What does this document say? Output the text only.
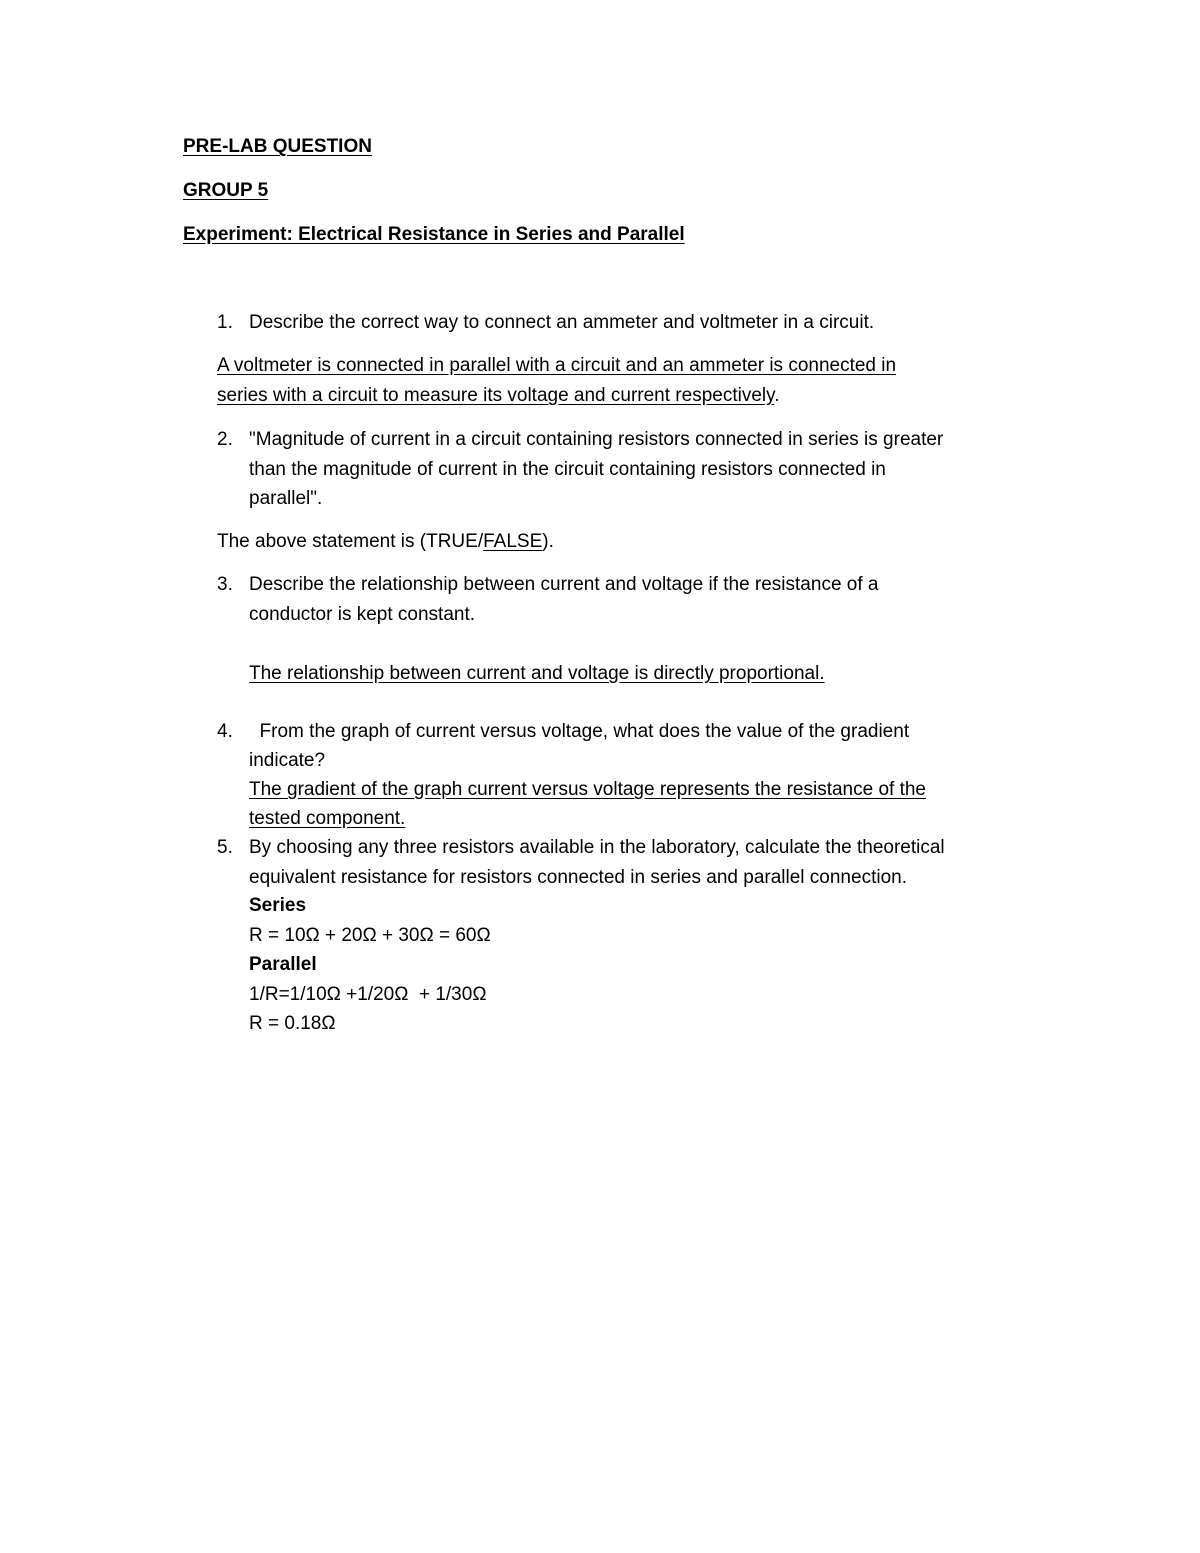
PRE-LAB QUESTION
GROUP 5
Experiment: Electrical Resistance in Series and Parallel
1. Describe the correct way to connect an ammeter and voltmeter in a circuit.
A voltmeter is connected in parallel with a circuit and an ammeter is connected in
series with a circuit to measure its voltage and current respectively.
2. "Magnitude of current in a circuit containing resistors connected in series is greater
than the magnitude of current in the circuit containing resistors connected in
parallel".
The above statement is (TRUE/FALSE).
3. Describe the relationship between current and voltage if the resistance of a
conductor is kept constant.
The relationship between current and voltage is directly proportional.
4. From the graph of current versus voltage, what does the value of the gradient
indicate?
The gradient of the graph current versus voltage represents the resistance of the
tested component.
5. By choosing any three resistors available in the laboratory, calculate the theoretical
equivalent resistance for resistors connected in series and parallel connection.
Series
R = 10Ω + 20Ω + 30Ω = 60Ω
Parallel
1/R=1/10Ω +1/20Ω  + 1/30Ω
R = 0.18Ω
